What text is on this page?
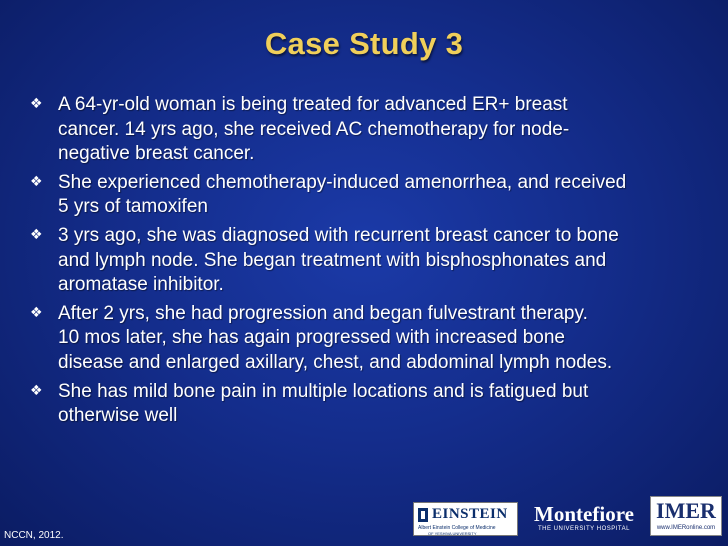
Case Study 3
❖ A 64-yr-old woman is being treated for advanced ER+ breast
cancer. 14 yrs ago, she received AC chemotherapy for node-
negative breast cancer.
❖ She experienced chemotherapy-induced amenorrhea, and received
5 yrs of tamoxifen
❖ 3 yrs ago, she was diagnosed with recurrent breast cancer to bone
and lymph node. She began treatment with bisphosphonates and
aromatase inhibitor.
❖ After 2 yrs, she had progression and began fulvestrant therapy.
10 mos later, she has again progressed with increased bone
disease and enlarged axillary, chest, and abdominal lymph nodes.
❖ She has mild bone pain in multiple locations and is fatigued but
otherwise well
NCCN, 2012.
EINSTEIN
Albert Einstein College of Medicine
OF YESHIVA UNIVERSITY
Montefiore
THE UNIVERSITY HOSPITAL
IMER
www.IMERonline.com
